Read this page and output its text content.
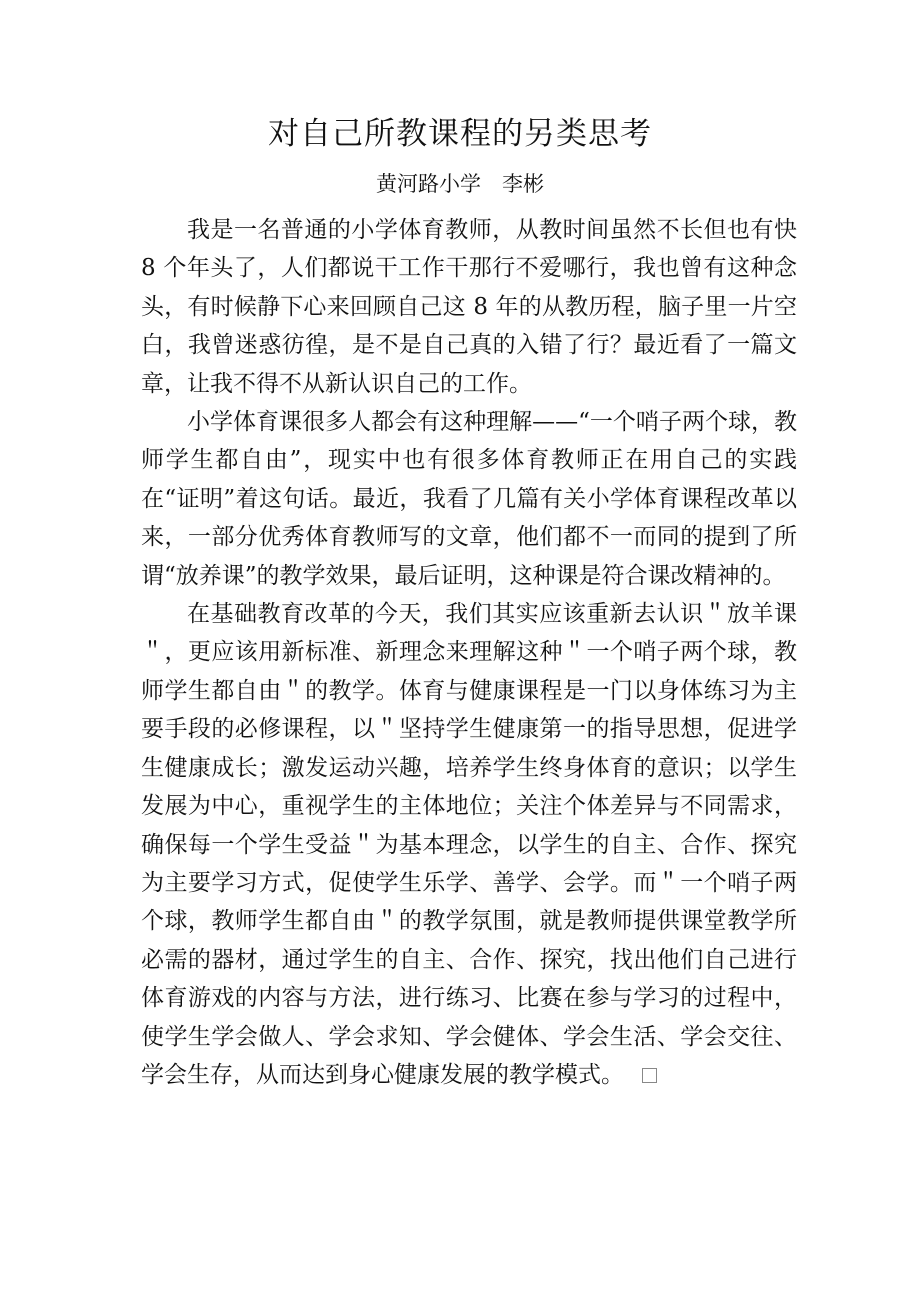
对自己所教课程的另类思考
黄河路小学　李彬

我是一名普通的小学体育教师，从教时间虽然不长但也有快 8 个年头了，人们都说干工作干那行不爱哪行，我也曾有这种念头，有时候静下心来回顾自己这 8 年的从教历程，脑子里一片空白，我曾迷惑彷徨，是不是自己真的入错了行？最近看了一篇文章，让我不得不从新认识自己的工作。

小学体育课很多人都会有这种理解——“一个哨子两个球，教师学生都自由”，现实中也有很多体育教师正在用自己的实践在“证明”着这句话。最近，我看了几篇有关小学体育课程改革以来，一部分优秀体育教师写的文章，他们都不一而同的提到了所谓“放养课”的教学效果，最后证明，这种课是符合课改精神的。

在基础教育改革的今天，我们其实应该重新去认识＂放羊课＂，更应该用新标准、新理念来理解这种＂一个哨子两个球，教师学生都自由＂的教学。体育与健康课程是一门以身体练习为主要手段的必修课程，以＂坚持学生健康第一的指导思想，促进学生健康成长；激发运动兴趣，培养学生终身体育的意识；以学生发展为中心，重视学生的主体地位；关注个体差异与不同需求，确保每一个学生受益＂为基本理念，以学生的自主、合作、探究为主要学习方式，促使学生乐学、善学、会学。而＂一个哨子两个球，教师学生都自由＂的教学氛围，就是教师提供课堂教学所必需的器材，通过学生的自主、合作、探究，找出他们自己进行体育游戏的内容与方法，进行练习、比赛在参与学习的过程中，使学生学会做人、学会求知、学会健体、学会生活、学会交往、学会生存，从而达到身心健康发展的教学模式。
